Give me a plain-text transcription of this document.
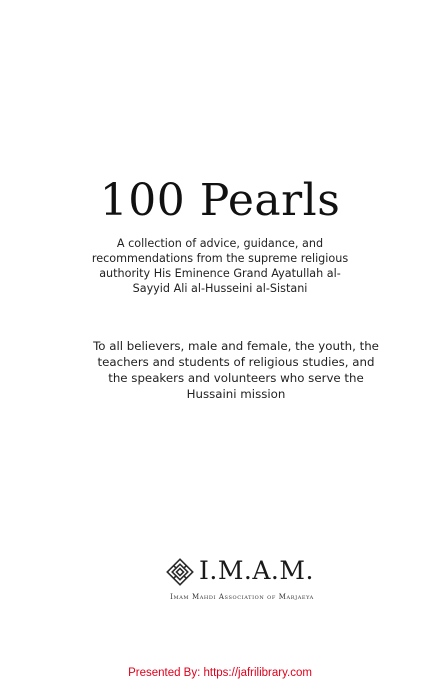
100 Pearls
A collection of advice, guidance, and recommendations from the supreme religious authority His Eminence Grand Ayatullah al-Sayyid Ali al-Husseini al-Sistani
To all believers, male and female, the youth, the teachers and students of religious studies, and the speakers and volunteers who serve the Hussaini mission
I.M.A.M.
Imam Mahdi Association of Marjaeya
Presented By: https://jafrilibrary.com
